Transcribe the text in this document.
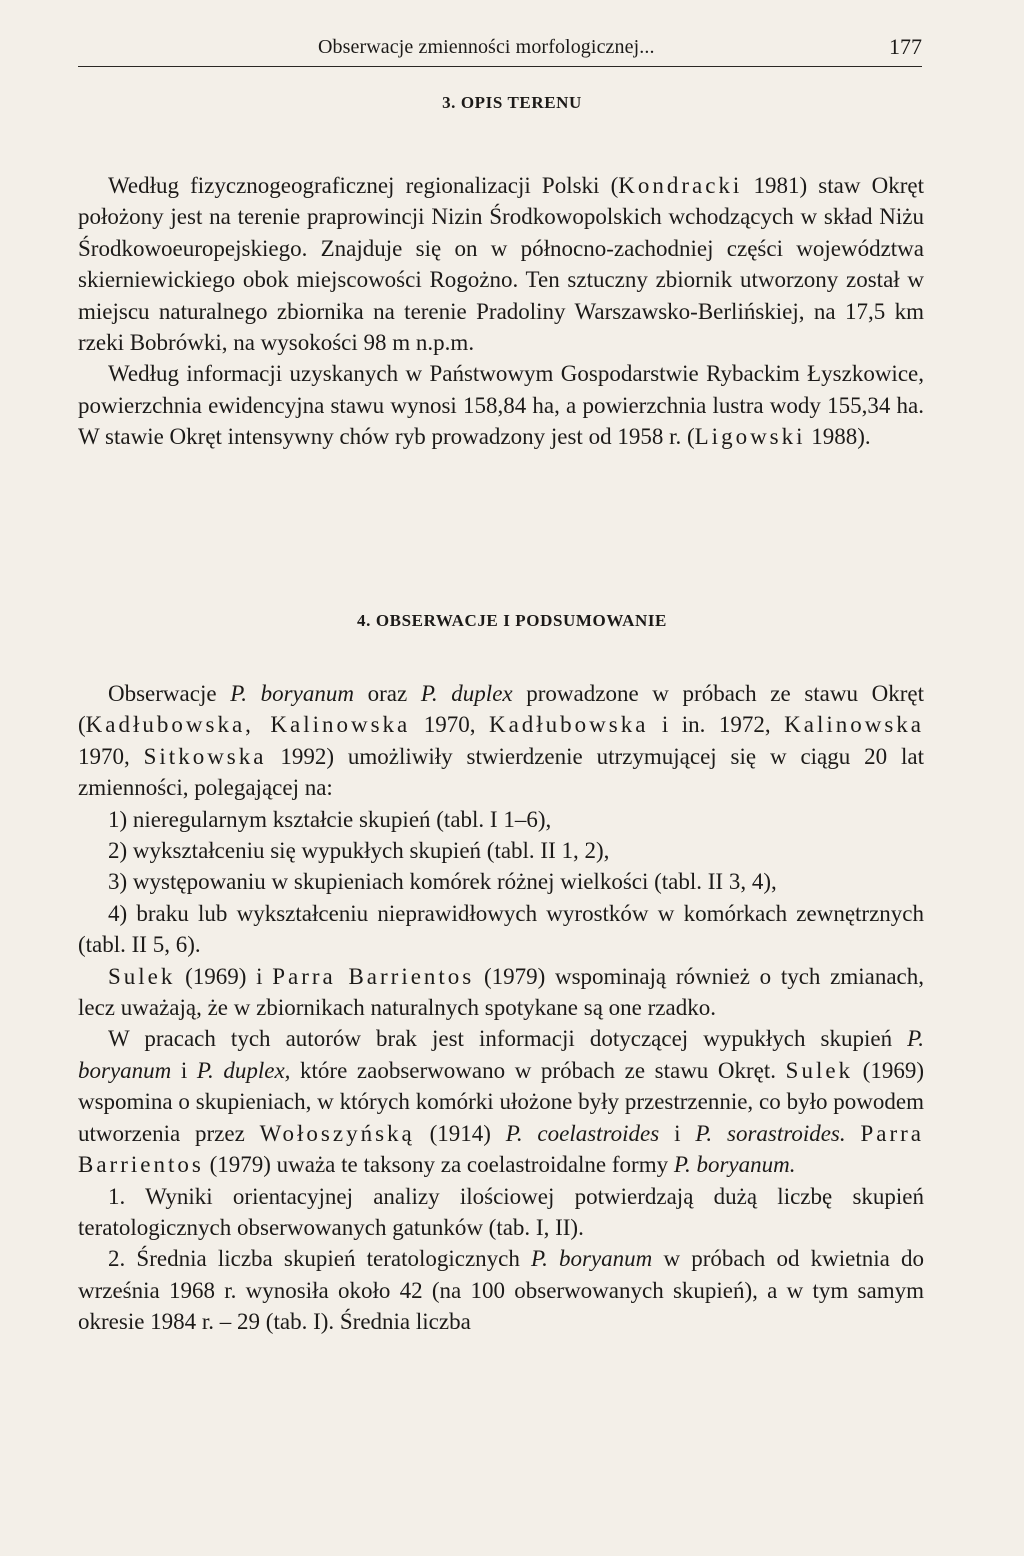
Obserwacje zmienności morfologicznej...	177
3. OPIS TERENU

Według fizycznogeograficznej regionalizacji Polski (Kondracki 1981) staw Okręt położony jest na terenie praprowincji Nizin Środkowopolskich wchodzących w skład Niżu Środkowoeuropejskiego. Znajduje się on w północno-zachodniej części województwa skierniewickiego obok miejscowości Rogożno. Ten sztuczny zbiornik utworzony został w miejscu naturalnego zbiornika na terenie Pradoliny Warszawsko-Berlińskiej, na 17,5 km rzeki Bobrówki, na wysokości 98 m n.p.m.

Według informacji uzyskanych w Państwowym Gospodarstwie Rybackim Łyszkowice, powierzchnia ewidencyjna stawu wynosi 158,84 ha, a powierzchnia lustra wody 155,34 ha. W stawie Okręt intensywny chów ryb prowadzony jest od 1958 r. (Ligowski 1988).

4. OBSERWACJE I PODSUMOWANIE

Obserwacje P. boryanum oraz P. duplex prowadzone w próbach ze stawu Okręt (Kadłubowska, Kalinowska 1970, Kadłubowska i in. 1972, Kalinowska 1970, Sitkowska 1992) umożliwiły stwierdzenie utrzymującej się w ciągu 20 lat zmienności, polegającej na:

1) nieregularnym kształcie skupień (tabl. I 1–6),

2) wykształceniu się wypukłych skupień (tabl. II 1, 2),

3) występowaniu w skupieniach komórek różnej wielkości (tabl. II 3, 4),

4) braku lub wykształceniu nieprawidłowych wyrostków w komórkach zewnętrznych (tabl. II 5, 6).

Sulek (1969) i Parra Barrientos (1979) wspominają również o tych zmianach, lecz uważają, że w zbiornikach naturalnych spotykane są one rzadko.

W pracach tych autorów brak jest informacji dotyczącej wypukłych skupień P. boryanum i P. duplex, które zaobserwowano w próbach ze stawu Okręt. Sulek (1969) wspomina o skupieniach, w których komórki ułożone były przestrzennie, co było powodem utworzenia przez Wołoszyńską (1914) P. coelastroides i P. sorastroides. Parra Barrientos (1979) uważa te taksony za coelastroidalne formy P. boryanum.

1. Wyniki orientacyjnej analizy ilościowej potwierdzają dużą liczbę skupień teratologicznych obserwowanych gatunków (tab. I, II).

2. Średnia liczba skupień teratologicznych P. boryanum w próbach od kwietnia do września 1968 r. wynosiła około 42 (na 100 obserwowanych skupień), a w tym samym okresie 1984 r. – 29 (tab. I). Średnia liczba
